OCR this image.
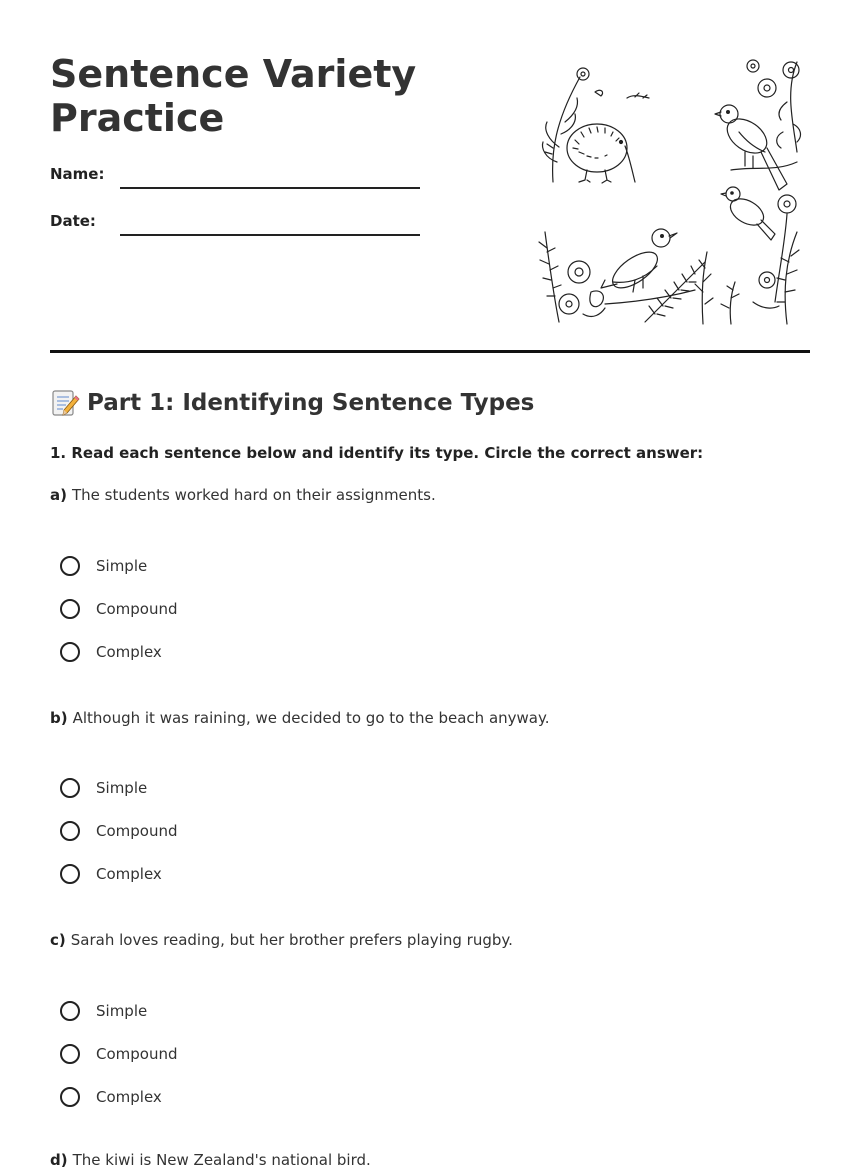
Sentence Variety Practice
Name:
Date:
Part 1: Identifying Sentence Types
1. Read each sentence below and identify its type. Circle the correct answer:
a) The students worked hard on their assignments.
Simple
Compound
Complex
b) Although it was raining, we decided to go to the beach anyway.
Simple
Compound
Complex
c) Sarah loves reading, but her brother prefers playing rugby.
Simple
Compound
Complex
d) The kiwi is New Zealand's national bird.
